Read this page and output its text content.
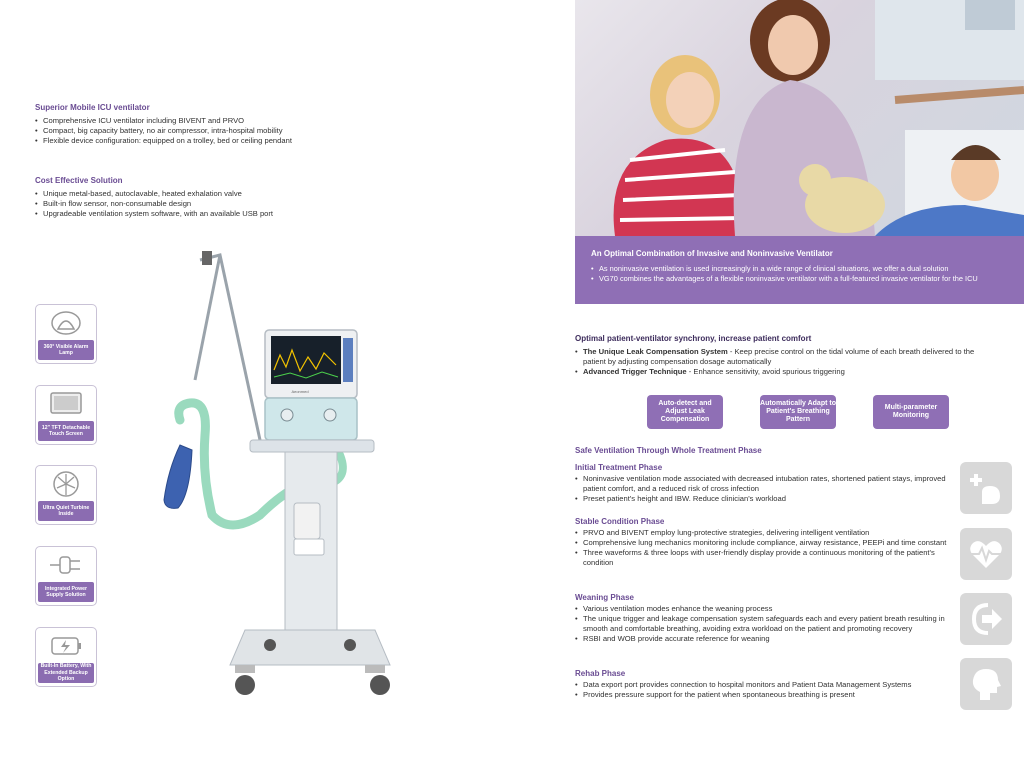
Superior Mobile ICU ventilator
• Comprehensive ICU ventilator including BIVENT and PRVO
• Compact, big capacity battery, no air compressor, intra-hospital mobility
• Flexible device configuration: equipped on a trolley, bed or ceiling pendant
Cost Effective Solution
• Unique metal-based, autoclavable, heated exhalation valve
• Built-in flow sensor, non-consumable design
• Upgradeable ventilation system software, with an available USB port
360° Visible Alarm Lamp
12" TFT Detachable Touch Screen
Ultra Quiet Turbine Inside
Integrated Power Supply Solution
Built-In Battery, With Extended Backup Option
Aeonmed
An Optimal Combination of Invasive and Noninvasive Ventilator
• As noninvasive ventilation is used increasingly in a wide range of clinical situations, we offer a dual solution
• VG70 combines the advantages of a flexible noninvasive ventilator with a full-featured invasive ventilator for the ICU
Optimal patient-ventilator synchrony, increase patient comfort
• The Unique Leak Compensation System - Keep precise control on the tidal volume of each breath delivered to the patient by adjusting compensation dosage automatically
• Advanced Trigger Technique - Enhance sensitivity, avoid spurious triggering
Auto-detect and Adjust Leak Compensation
Automatically Adapt to Patient's Breathing Pattern
Multi-parameter Monitoring
Safe Ventilation Through Whole Treatment Phase
Initial Treatment Phase
• Noninvasive ventilation mode associated with decreased intubation rates, shortened patient stays, improved patient comfort, and a reduced risk of cross infection
• Preset patient's height and IBW. Reduce clinician's workload
Stable Condition Phase
• PRVO and BIVENT employ lung-protective strategies, delivering intelligent ventilation
• Comprehensive lung mechanics monitoring include compliance, airway resistance, PEEPi and time constant
• Three waveforms & three loops with user-friendly display provide a continuous monitoring of the patient's condition
Weaning Phase
• Various ventilation modes enhance the weaning process
• The unique trigger and leakage compensation system safeguards each and every patient breath resulting in smooth and comfortable breathing, avoiding extra workload on the patient and promoting recovery
• RSBI and WOB provide accurate reference for weaning
Rehab Phase
• Data export port provides connection to hospital monitors and Patient Data Management Systems
• Provides pressure support for the patient when spontaneous breathing is present
